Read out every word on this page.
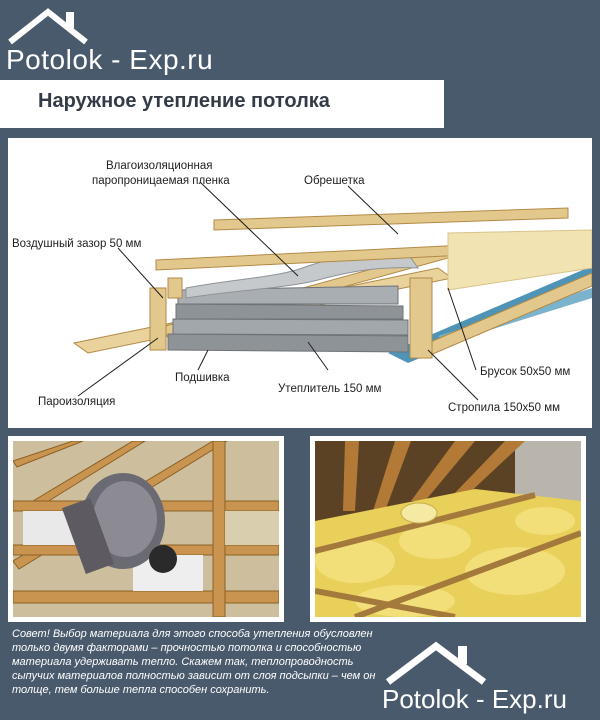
Potolok - Exp.ru
Наружное утепление потолка
Влагоизоляционная
паропроницаемая пленка	Обрешетка
Воздушный зазор 50 мм
Пароизоляция
Подшивка
Утеплитель 150 мм
Брусок 50x50 мм
Стропила 150x50 мм
Совет! Выбор материала для этого способа утепления обусловлен только двумя факторами – прочностью потолка и способностью материала удерживать тепло. Скажем так, теплопроводность сыпучих материалов полностью зависит от слоя подсыпки – чем он толще, тем больше тепла способен сохранить.	Potolok - Exp.ru
